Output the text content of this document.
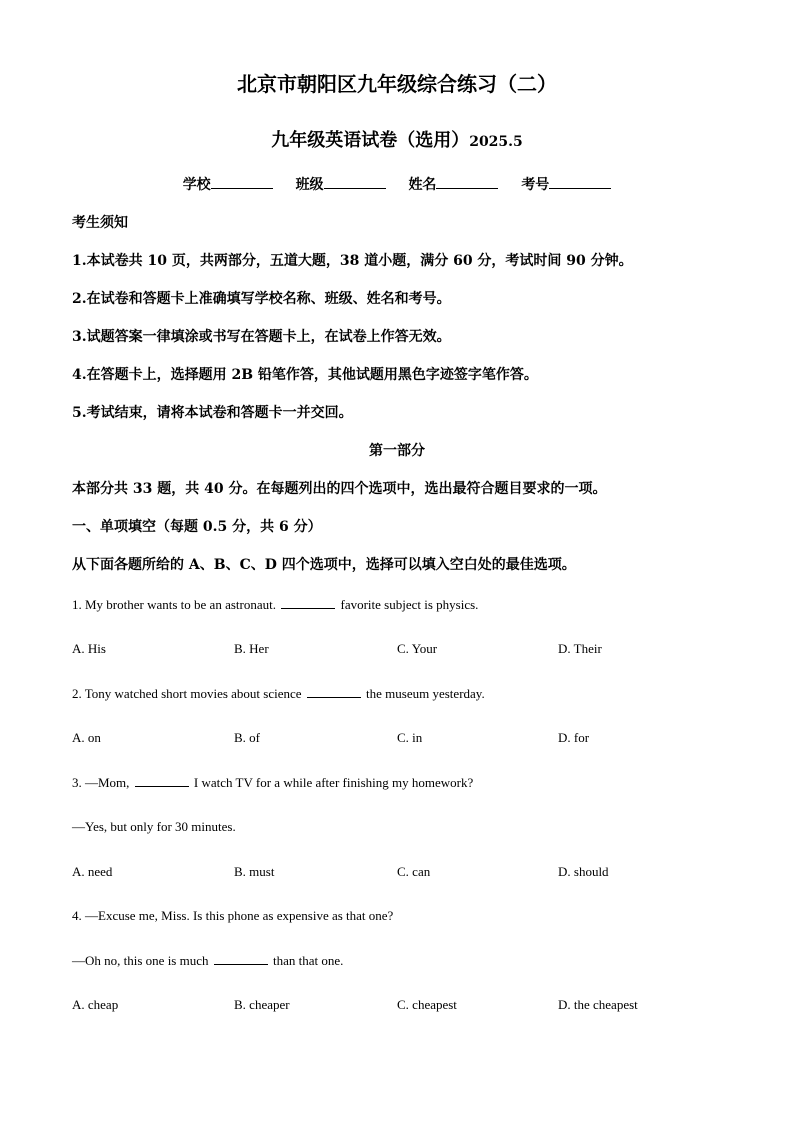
北京市朝阳区九年级综合练习（二）
九年级英语试卷（选用）2025.5
学校	班级	姓名	考号
考生须知
1.本试卷共 10 页，共两部分，五道大题，38 道小题，满分 60 分，考试时间 90 分钟。
2.在试卷和答题卡上准确填写学校名称、班级、姓名和考号。
3.试题答案一律填涂或书写在答题卡上，在试卷上作答无效。
4.在答题卡上，选择题用 2B 铅笔作答，其他试题用黑色字迹签字笔作答。
5.考试结束，请将本试卷和答题卡一并交回。
第一部分
本部分共 33 题，共 40 分。在每题列出的四个选项中，选出最符合题目要求的一项。
一、单项填空（每题 0.5 分，共 6 分）
从下面各题所给的 A、B、C、D 四个选项中，选择可以填入空白处的最佳选项。
1. My brother wants to be an astronaut.	favorite subject is physics.
A. His	B. Her	C. Your	D. Their
2. Tony watched short movies about science	the museum yesterday.
A. on	B. of	C. in	D. for
3. —Mom,	I watch TV for a while after finishing my homework?
—Yes, but only for 30 minutes.
A. need	B. must	C. can	D. should
4. —Excuse me, Miss. Is this phone as expensive as that one?
—Oh no, this one is much	than that one.
A. cheap	B. cheaper	C. cheapest	D. the cheapest
